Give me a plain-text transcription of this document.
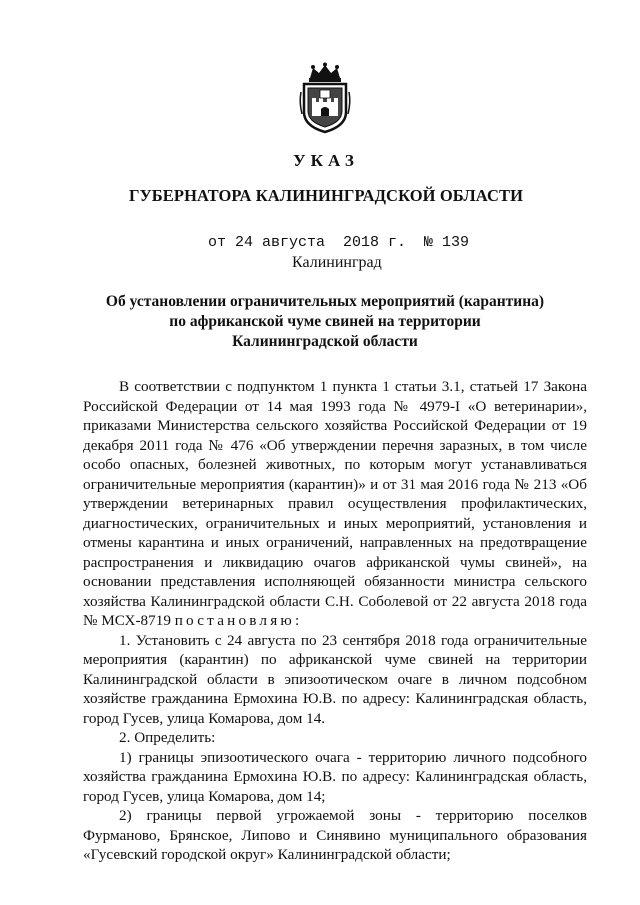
УКАЗ
ГУБЕРНАТОРА КАЛИНИНГРАДСКОЙ ОБЛАСТИ
от 24 августа  2018 г.  № 139
Калининград
Об установлении ограничительных мероприятий (карантина)
по африканской чуме свиней на территории
Калининградской области

В соответствии с подпунктом 1 пункта 1 статьи 3.1, статьей 17 Закона Российской Федерации от 14 мая 1993 года № 4979-I «О ветеринарии», приказами Министерства сельского хозяйства Российской Федерации от 19 декабря 2011 года № 476 «Об утверждении перечня заразных, в том числе особо опасных, болезней животных, по которым могут устанавливаться ограничительные мероприятия (карантин)» и от 31 мая 2016 года № 213 «Об утверждении ветеринарных правил осуществления профилактических, диагностических, ограничительных и иных мероприятий, установления и отмены карантина и иных ограничений, направленных на предотвращение распространения и ликвидацию очагов африканской чумы свиней», на основании представления исполняющей обязанности министра сельского хозяйства Калининградской области С.Н. Соболевой от 22 августа 2018 года № МСХ-8719 постановляю:

1. Установить с 24 августа по 23 сентября 2018 года ограничительные мероприятия (карантин) по африканской чуме свиней на территории Калининградской области в эпизоотическом очаге в личном подсобном хозяйстве гражданина Ермохина Ю.В. по адресу: Калининградская область, город Гусев, улица Комарова, дом 14.

2. Определить:

1) границы эпизоотического очага - территорию личного подсобного хозяйства гражданина Ермохина Ю.В. по адресу: Калининградская область, город Гусев, улица Комарова, дом 14;

2) границы первой угрожаемой зоны - территорию поселков Фурманово, Брянское, Липово и Синявино муниципального образования «Гусевский городской округ» Калининградской области;
